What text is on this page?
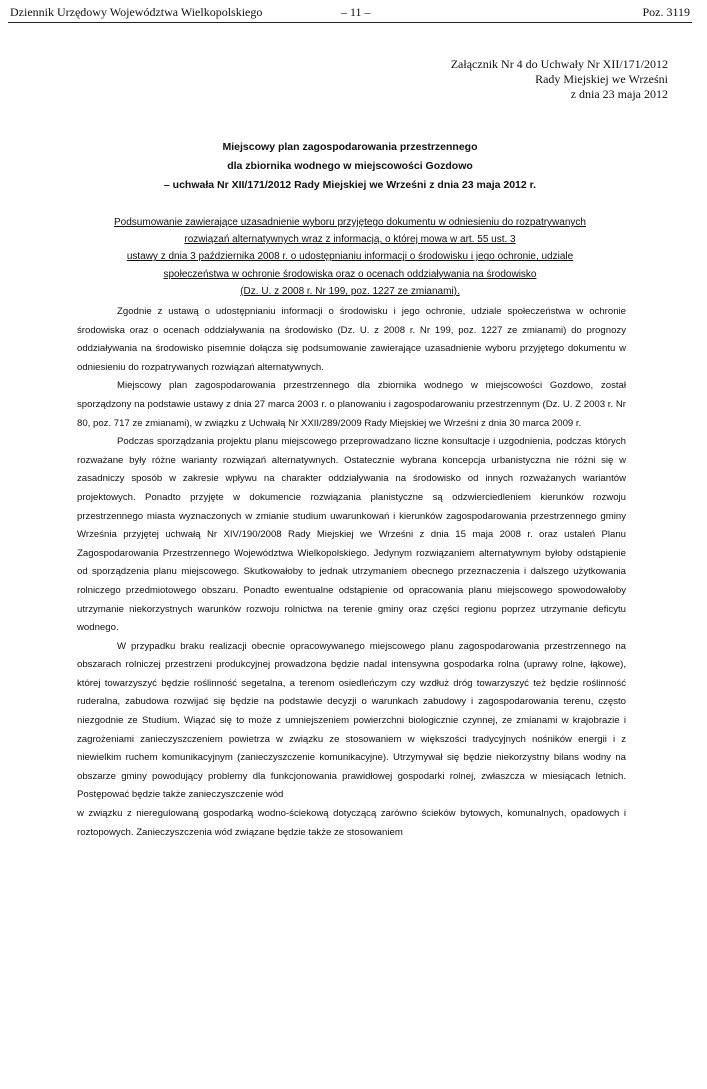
Dziennik Urzędowy Województwa Wielkopolskiego	– 11 –	Poz. 3119
Załącznik Nr 4 do Uchwały Nr XII/171/2012
Rady Miejskiej we Wrześni
z dnia 23 maja 2012
Miejscowy plan zagospodarowania przestrzennego
dla zbiornika wodnego w miejscowości Gozdowo
– uchwała Nr XII/171/2012 Rady Miejskiej we Wrześni z dnia 23 maja 2012 r.
Podsumowanie zawierające uzasadnienie wyboru przyjętego dokumentu w odniesieniu do rozpatrywanych
rozwiązań alternatywnych wraz z informacją, o której mowa w art. 55 ust. 3
ustawy z dnia 3 października 2008 r. o udostępnianiu informacji o środowisku i jego ochronie, udziale
społeczeństwa w ochronie środowiska oraz o ocenach oddziaływania na środowisko
(Dz. U. z 2008 r. Nr 199, poz. 1227 ze zmianami).

Zgodnie z ustawą o udostępnianiu informacji o środowisku i jego ochronie, udziale społeczeństwa w ochronie środowiska oraz o ocenach oddziaływania na środowisko (Dz. U. z 2008 r. Nr 199, poz. 1227 ze zmianami) do prognozy oddziaływania na środowisko pisemnie dołącza się podsumowanie zawierające uzasadnienie wyboru przyjętego dokumentu w odniesieniu do rozpatrywanych rozwiązań alternatywnych.

Miejscowy plan zagospodarowania przestrzennego dla zbiornika wodnego w miejscowości Gozdowo, został sporządzony na podstawie ustawy z dnia 27 marca 2003 r. o planowaniu i zagospodarowaniu przestrzennym (Dz. U. Z 2003 r. Nr 80, poz. 717 ze zmianami), w związku z Uchwałą Nr XXII/289/2009 Rady Miejskiej we Wrześni z dnia 30 marca 2009 r.

Podczas sporządzania projektu planu miejscowego przeprowadzano liczne konsultacje i uzgodnienia, podczas których rozważane były różne warianty rozwiązań alternatywnych. Ostatecznie wybrana koncepcja urbanistyczna nie różni się w zasadniczy sposób w zakresie wpływu na charakter oddziaływania na środowisko od innych rozważanych wariantów projektowych. Ponadto przyjęte w dokumencie rozwiązania planistyczne są odzwierciedleniem kierunków rozwoju przestrzennego miasta wyznaczonych w zmianie studium uwarunkowań i kierunków zagospodarowania przestrzennego gminy Września przyjętej uchwałą Nr XIV/190/2008 Rady Miejskiej we Wrześni z dnia 15 maja 2008 r. oraz ustaleń Planu Zagospodarowania Przestrzennego Województwa Wielkopolskiego. Jedynym rozwiązaniem alternatywnym byłoby odstąpienie od sporządzenia planu miejscowego. Skutkowałoby to jednak utrzymaniem obecnego przeznaczenia i dalszego użytkowania rolniczego przedmiotowego obszaru. Ponadto ewentualne odstąpienie od opracowania planu miejscowego spowodowałoby utrzymanie niekorzystnych warunków rozwoju rolnictwa na terenie gminy oraz części regionu poprzez utrzymanie deficytu wodnego.

W przypadku braku realizacji obecnie opracowywanego miejscowego planu zagospodarowania przestrzennego na obszarach rolniczej przestrzeni produkcyjnej prowadzona będzie nadal intensywna gospodarka rolna (uprawy rolne, łąkowe), której towarzyszyć będzie roślinność segetalna, a terenom osiedleńczym czy wzdłuż dróg towarzyszyć też będzie roślinność ruderalna, zabudowa rozwijać się będzie na podstawie decyzji o warunkach zabudowy i zagospodarowania terenu, często niezgodnie ze Studium. Wiązać się to może z umniejszeniem powierzchni biologicznie czynnej, ze zmianami w krajobrazie i zagrożeniami zanieczyszczeniem powietrza w związku ze stosowaniem w większości tradycyjnych nośników energii i z niewielkim ruchem komunikacyjnym (zanieczyszczenie komunikacyjne). Utrzymywał się będzie niekorzystny bilans wodny na obszarze gminy powodujący problemy dla funkcjonowania prawidłowej gospodarki rolnej, zwłaszcza w miesiącach letnich. Postępować będzie także zanieczyszczenie wód

w związku z nieregulowaną gospodarką wodno-ściekową dotyczącą zarówno ścieków bytowych, komunalnych, opadowych i roztopowych. Zanieczyszczenia wód związane będzie także ze stosowaniem
